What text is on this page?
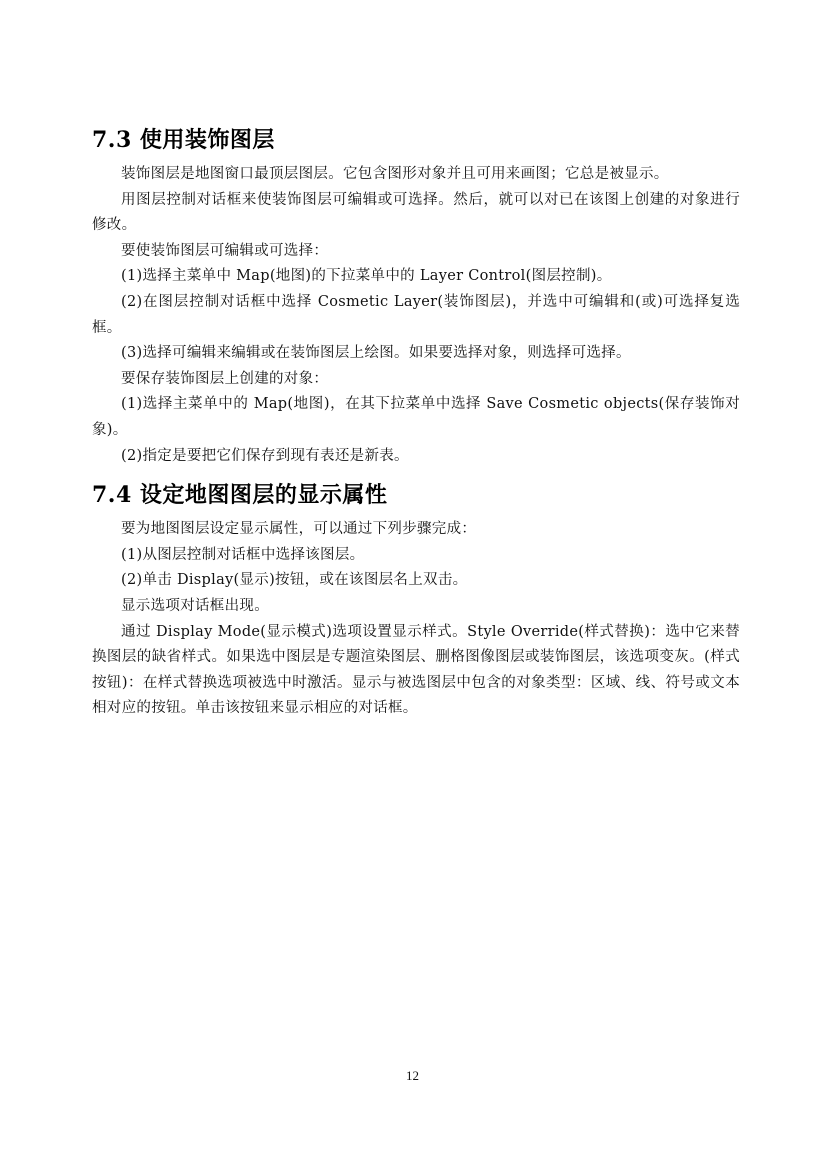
7.3 使用装饰图层

装饰图层是地图窗口最顶层图层。它包含图形对象并且可用来画图；它总是被显示。

用图层控制对话框来使装饰图层可编辑或可选择。然后，就可以对已在该图上创建的对象进行修改。

要使装饰图层可编辑或可选择：

(1)选择主菜单中 Map(地图)的下拉菜单中的 Layer Control(图层控制)。

(2)在图层控制对话框中选择 Cosmetic Layer(装饰图层)，并选中可编辑和(或)可选择复选框。

(3)选择可编辑来编辑或在装饰图层上绘图。如果要选择对象，则选择可选择。

要保存装饰图层上创建的对象：

(1)选择主菜单中的 Map(地图)，在其下拉菜单中选择 Save Cosmetic objects(保存装饰对象)。

(2)指定是要把它们保存到现有表还是新表。

7.4 设定地图图层的显示属性

要为地图图层设定显示属性，可以通过下列步骤完成：

(1)从图层控制对话框中选择该图层。

(2)单击 Display(显示)按钮，或在该图层名上双击。

显示选项对话框出现。

通过 Display Mode(显示模式)选项设置显示样式。Style Override(样式替换)：选中它来替换图层的缺省样式。如果选中图层是专题渲染图层、删格图像图层或装饰图层，该选项变灰。(样式按钮)：在样式替换选项被选中时激活。显示与被选图层中包含的对象类型：区域、线、符号或文本相对应的按钮。单击该按钮来显示相应的对话框。

12
